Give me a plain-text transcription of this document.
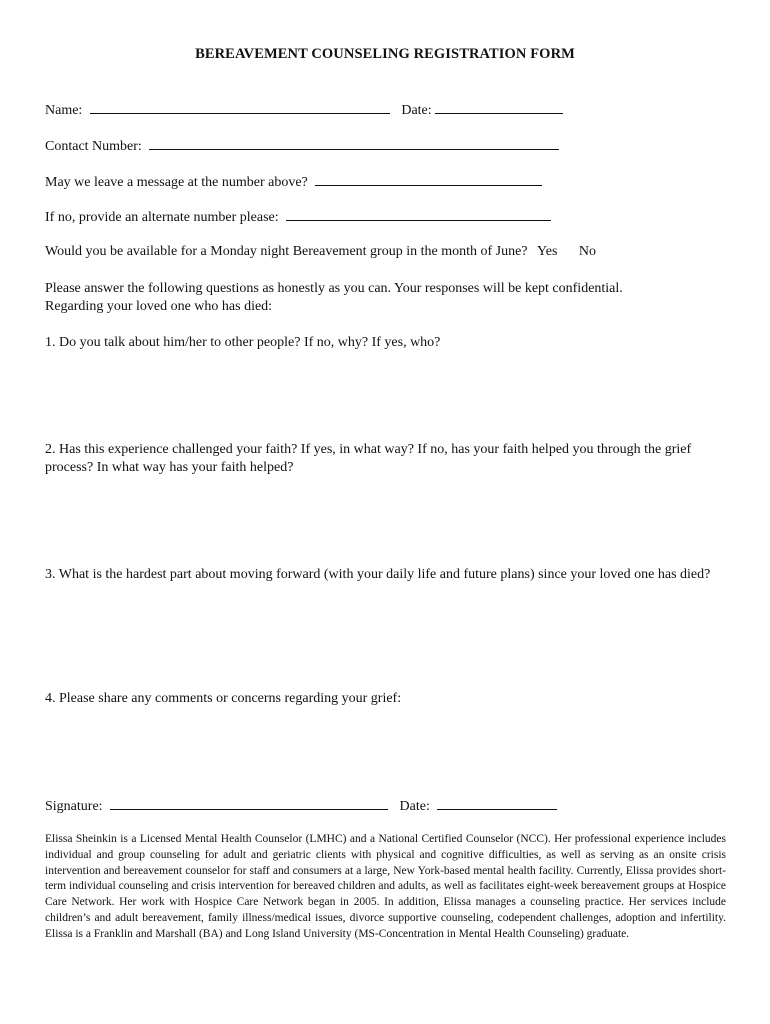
BEREAVEMENT COUNSELING REGISTRATION FORM
Name:	Date:
Contact Number:
May we leave a message at the number above?
If no, provide an alternate number please:
Would you be available for a Monday night Bereavement group in the month of June? Yes No
Please answer the following questions as honestly as you can. Your responses will be kept confidential.
Regarding your loved one who has died:
1. Do you talk about him/her to other people? If no, why? If yes, who?
2. Has this experience challenged your faith? If yes, in what way? If no, has your faith helped you through the grief process? In what way has your faith helped?
3. What is the hardest part about moving forward (with your daily life and future plans) since your loved one has died?
4. Please share any comments or concerns regarding your grief:
Signature:	Date:
Elissa Sheinkin is a Licensed Mental Health Counselor (LMHC) and a National Certified Counselor (NCC). Her professional experience includes individual and group counseling for adult and geriatric clients with physical and cognitive difficulties, as well as serving as an onsite crisis intervention and bereavement counselor for staff and consumers at a large, New York-based mental health facility. Currently, Elissa provides short-term individual counseling and crisis intervention for bereaved children and adults, as well as facilitates eight-week bereavement groups at Hospice Care Network. Her work with Hospice Care Network began in 2005. In addition, Elissa manages a counseling practice. Her services include children’s and adult bereavement, family illness/medical issues, divorce supportive counseling, codependent challenges, adoption and infertility. Elissa is a Franklin and Marshall (BA) and Long Island University (MS-Concentration in Mental Health Counseling) graduate.
